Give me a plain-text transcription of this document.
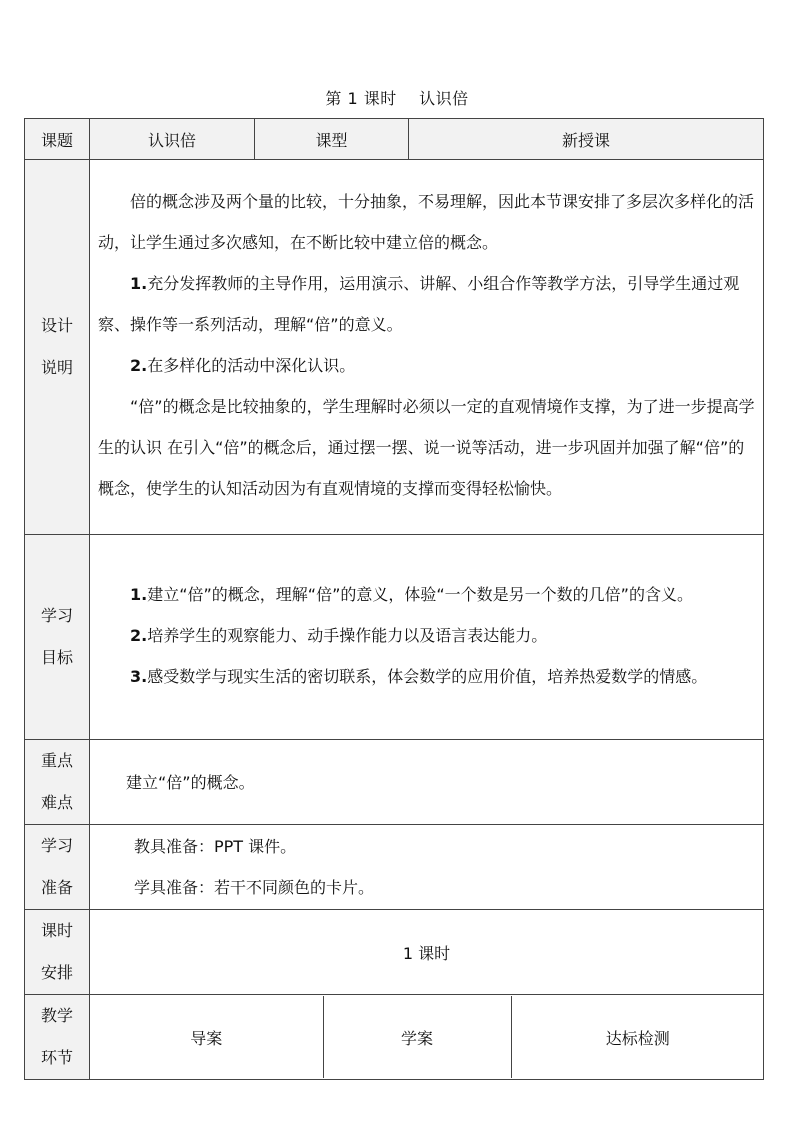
第 1 课时    认识倍
课题	认识倍	课型	新授课

设计
说明

倍的概念涉及两个量的比较，十分抽象，不易理解，因此本节课安排了多层次多样化的活动，让学生通过多次感知，在不断比较中建立倍的概念。

1.充分发挥教师的主导作用，运用演示、讲解、小组合作等教学方法，引导学生通过观察、操作等一系列活动，理解“倍”的意义。

2.在多样化的活动中深化认识。

“倍”的概念是比较抽象的，学生理解时必须以一定的直观情境作支撑，为了进一步提高学生的认识 在引入“倍”的概念后，通过摆一摆、说一说等活动，进一步巩固并加强了解“倍”的概念，使学生的认知活动因为有直观情境的支撑而变得轻松愉快。

学习
目标

1.建立“倍”的概念，理解“倍”的意义，体验“一个数是另一个数的几倍”的含义。

2.培养学生的观察能力、动手操作能力以及语言表达能力。

3.感受数学与现实生活的密切联系，体会数学的应用价值，培养热爱数学的情感。

重点
难点
	建立“倍”的概念。

学习
准备

教具准备：PPT 课件。
学具准备：若干不同颜色的卡片。

课时
安排
	1 课时

教学
环节

导案	学案	达标检测
